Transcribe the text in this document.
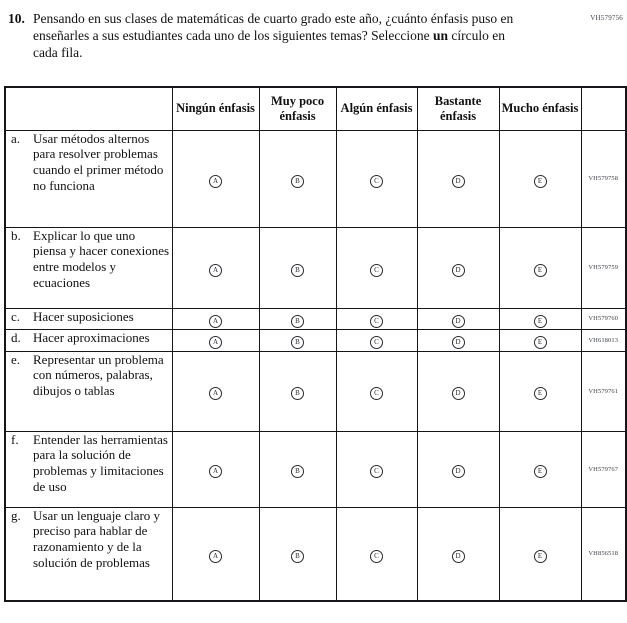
VH579756
10. Pensando en sus clases de matemáticas de cuarto grado este año, ¿cuánto énfasis puso en enseñarles a sus estudiantes cada uno de los siguientes temas? Seleccione un círculo en cada fila.
	Ningún énfasis	Muy poco énfasis	Algún énfasis	Bastante énfasis	Mucho énfasis	

a. Usar métodos alternos para resolver problemas cuando el primer método no funciona	A	B	C	D	E	VH579758

b. Explicar lo que uno piensa y hacer conexiones entre modelos y ecuaciones	A	B	C	D	E	VH579759

c. Hacer suposiciones	A	B	C	D	E	VH579760

d. Hacer aproximaciones	A	B	C	D	E	VH618013

e. Representar un problema con números, palabras, dibujos o tablas	A	B	C	D	E	VH579761

f. Entender las herramientas para la solución de problemas y limitaciones de uso	A	B	C	D	E	VH579767

g. Usar un lenguaje claro y preciso para hablar de razonamiento y de la solución de problemas	A	B	C	D	E	VH856518
